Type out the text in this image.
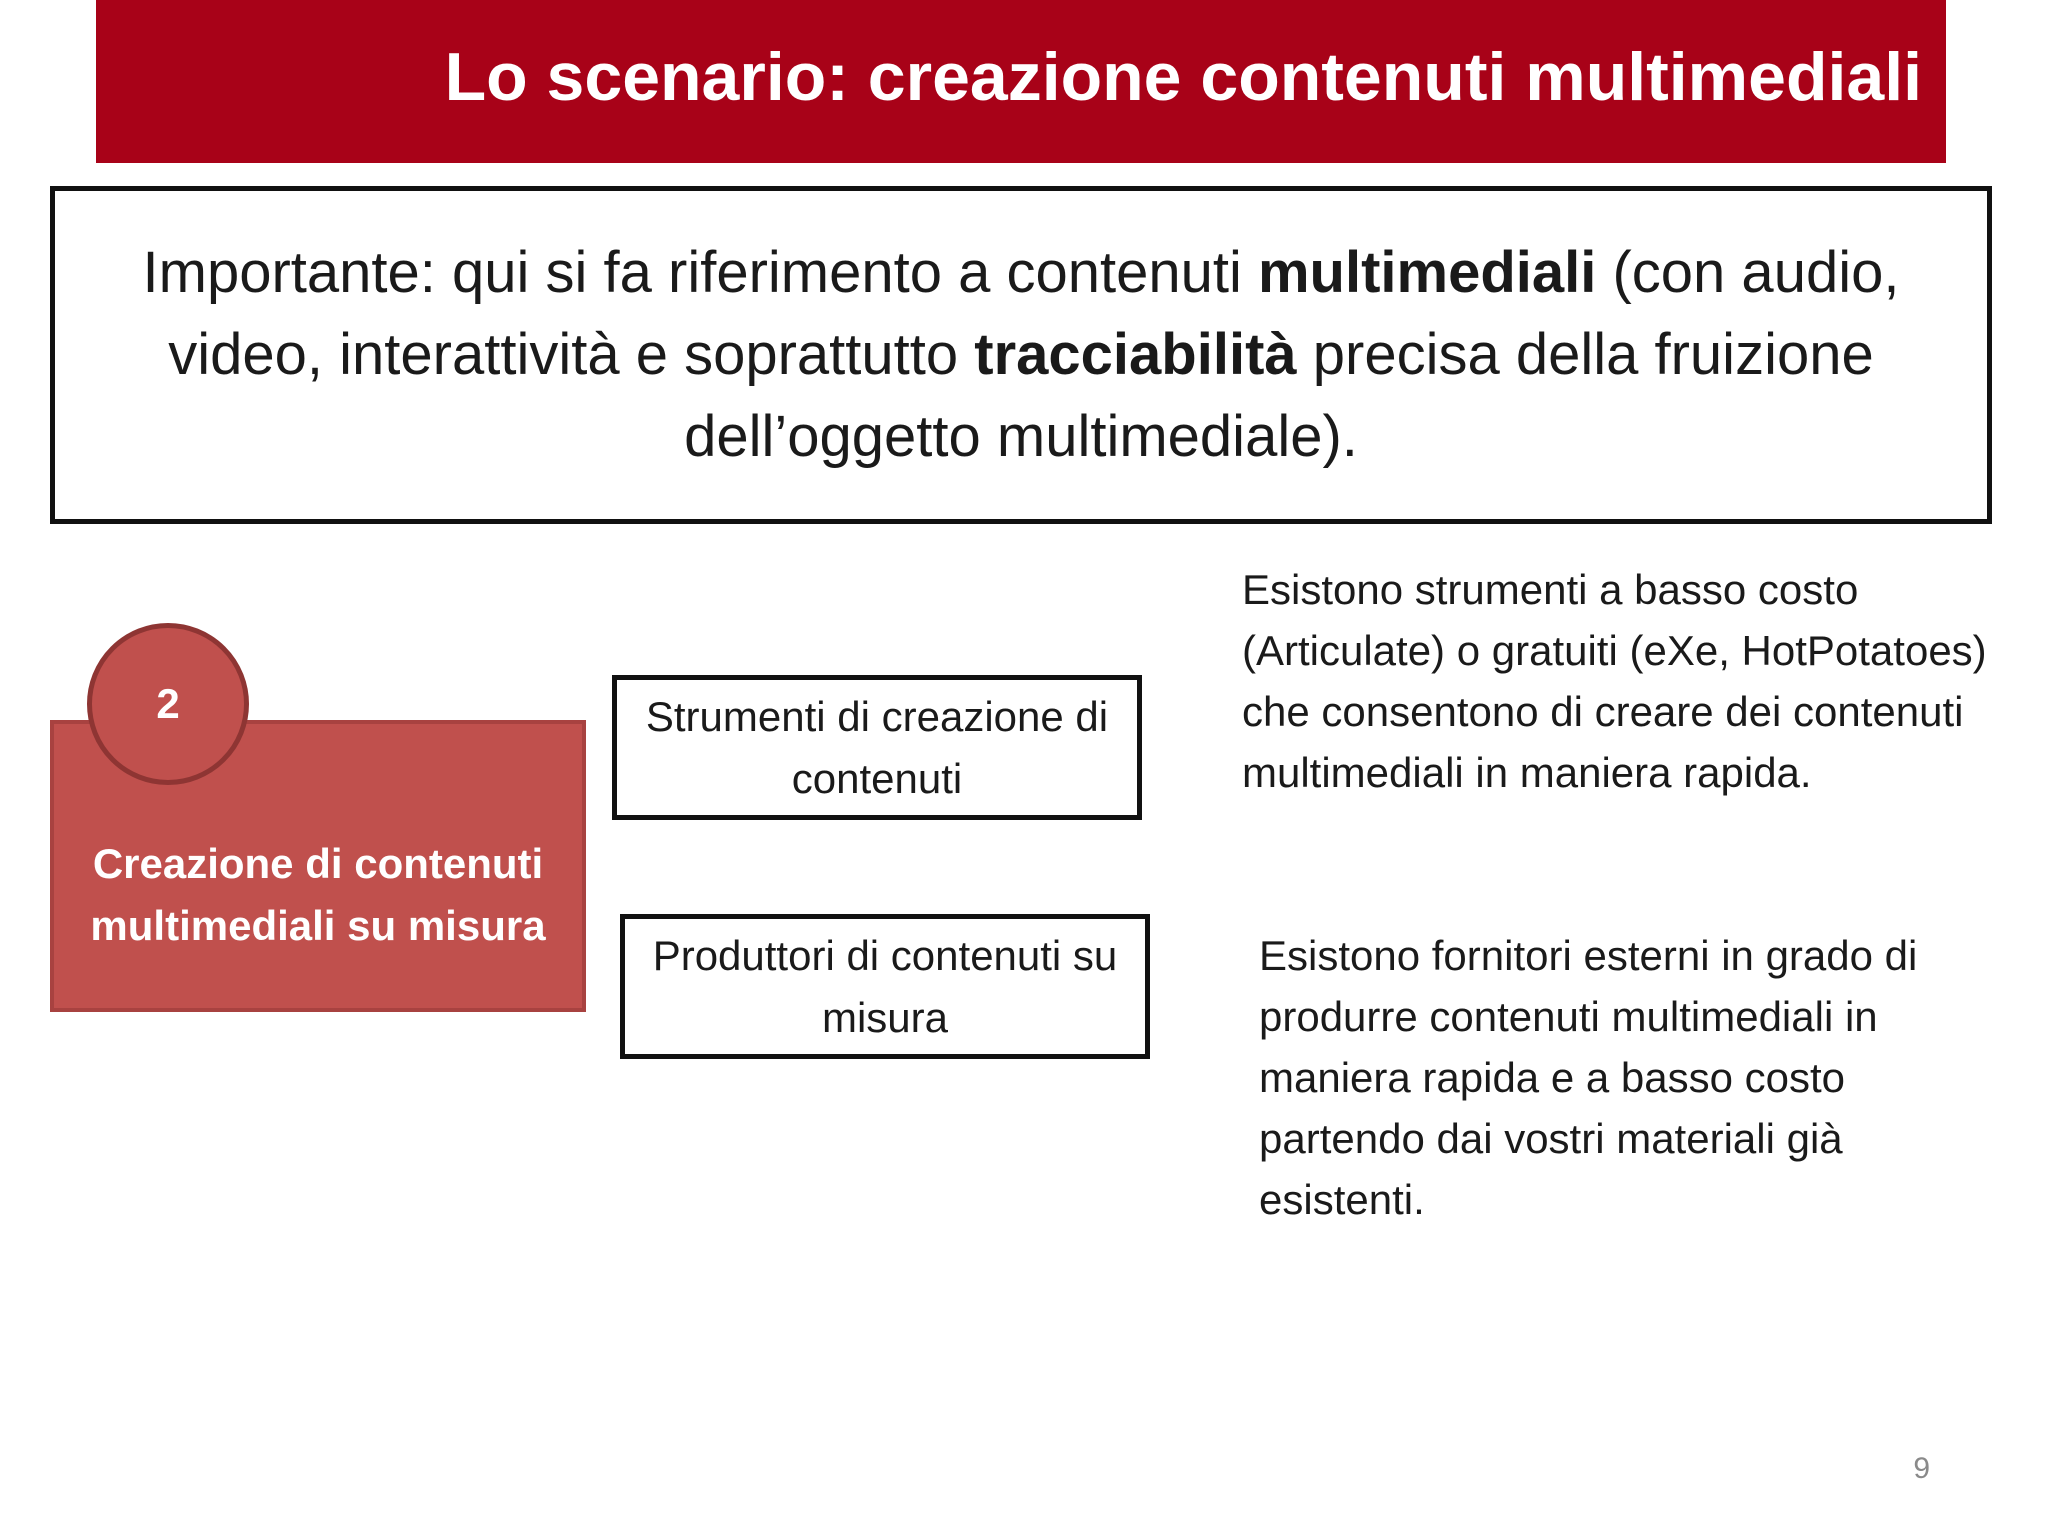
Lo scenario: creazione contenuti multimediali
Importante: qui si fa riferimento a contenuti multimediali (con audio, video, interattività e soprattutto tracciabilità precisa della fruizione dell’oggetto multimediale).
Creazione di contenuti multimediali su misura
2	Strumenti di creazione di contenuti
Produttori di contenuti su misura

Esistono strumenti a basso costo (Articulate) o gratuiti (eXe, HotPotatoes) che consentono di creare dei contenuti multimediali in maniera rapida.

Esistono fornitori esterni in grado di produrre contenuti multimediali in maniera rapida e a basso costo partendo dai vostri materiali già esistenti.

9
